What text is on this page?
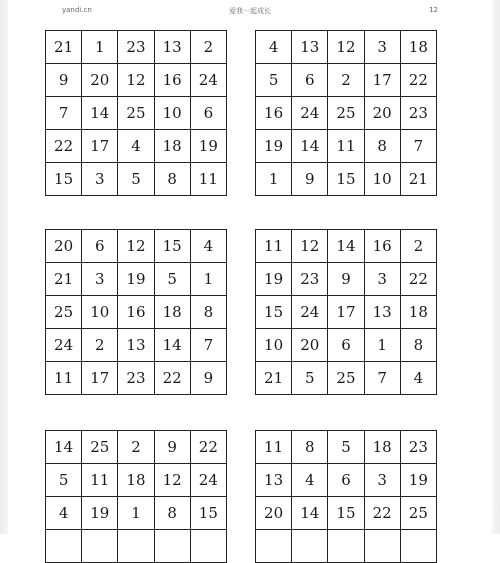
yandi.cn	爱我一起成长	12
21	1	23	13	2
9	20	12	16	24
7	14	25	10	6
22	17	4	18	19
15	3	5	8	11
4	13	12	3	18
5	6	2	17	22
16	24	25	20	23
19	14	11	8	7
1	9	15	10	21
20	6	12	15	4
21	3	19	5	1
25	10	16	18	8
24	2	13	14	7
11	17	23	22	9
11	12	14	16	2
19	23	9	3	22
15	24	17	13	18
10	20	6	1	8
21	5	25	7	4
14	25	2	9	22
5	11	18	12	24
4	19	1	8	15

11	8	5	18	23
13	4	6	3	19
20	14	15	22	25
